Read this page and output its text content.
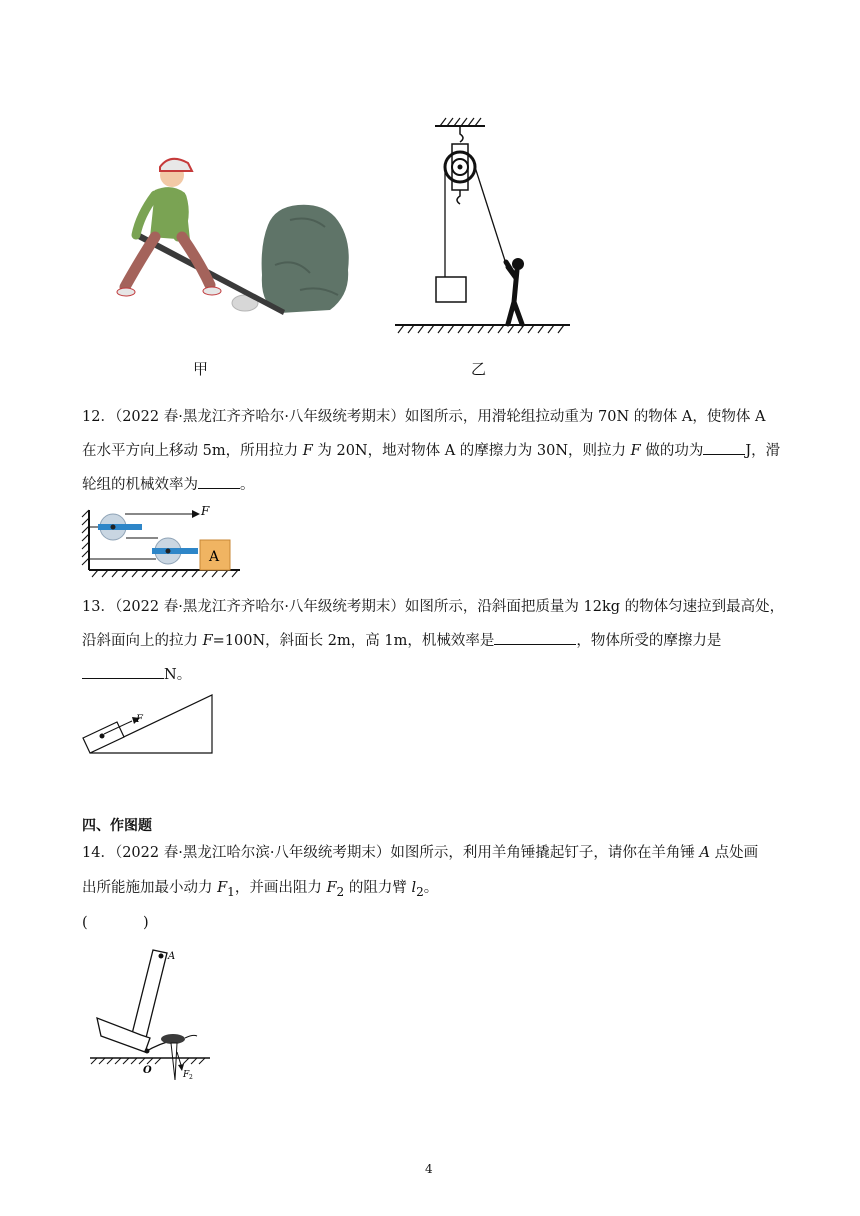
甲	乙
12．（2022 春·黑龙江齐齐哈尔·八年级统考期末）如图所示，用滑轮组拉动重为 70N 的物体 A，使物体 A
在水平方向上移动 5m，所用拉力 F 为 20N，地对物体 A 的摩擦力为 30N，则拉力 F 做的功为	J，滑
轮组的机械效率为	。
F
A
13．（2022 春·黑龙江齐齐哈尔·八年级统考期末）如图所示，沿斜面把质量为 12kg 的物体匀速拉到最高处，
沿斜面向上的拉力 F=100N，斜面长 2m，高 1m，机械效率是	，物体所受的摩擦力是
N。
F
四、作图题
14．（2022 春·黑龙江哈尔滨·八年级统考期末）如图所示，利用羊角锤撬起钉子，请你在羊角锤 A 点处画
出所能施加最小动力 $F_1$，并画出阻力 $F_2$ 的阻力臂 $l_2$。
(            )
A
O	F 2
4
